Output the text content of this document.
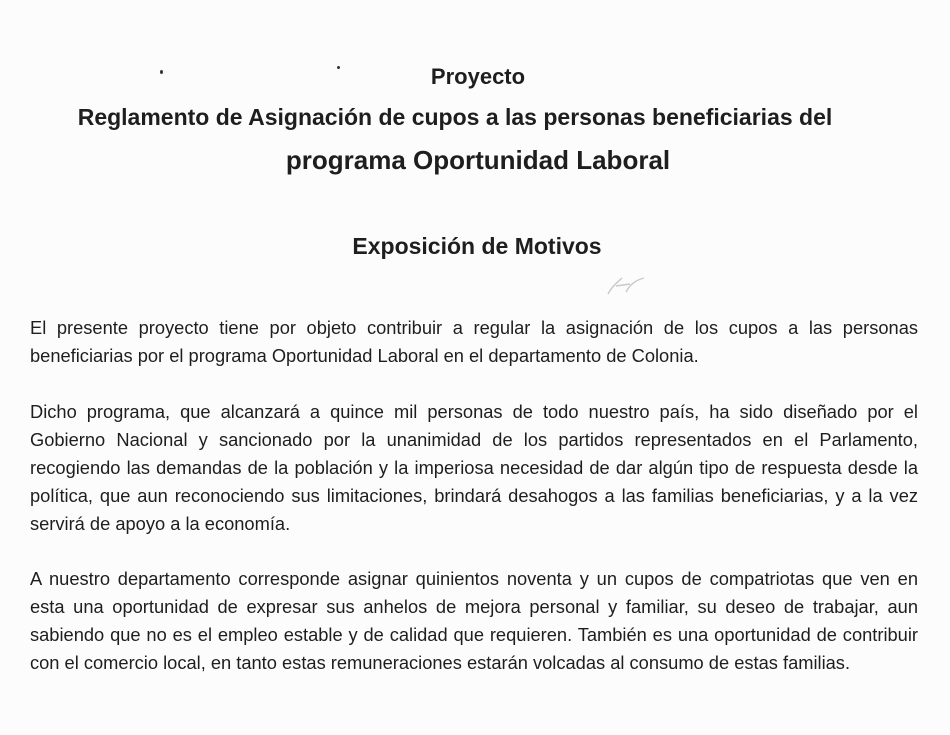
Proyecto
Reglamento de Asignación de cupos a las personas beneficiarias del
programa Oportunidad Laboral
Exposición de Motivos

El presente proyecto tiene por objeto contribuir a regular la asignación de los cupos a las personas beneficiarias por el programa Oportunidad Laboral en el departamento de Colonia.

Dicho programa, que alcanzará a quince mil personas de todo nuestro país, ha sido diseñado por el Gobierno Nacional y sancionado por la unanimidad de los partidos representados en el Parlamento, recogiendo las demandas de la población y la imperiosa necesidad de dar algún tipo de respuesta desde la política, que aun reconociendo sus limitaciones, brindará desahogos a las familias beneficiarias, y a la vez servirá de apoyo a la economía.

A nuestro departamento corresponde asignar quinientos noventa y un cupos de compatriotas que ven en esta una oportunidad de expresar sus anhelos de mejora personal y familiar, su deseo de trabajar, aun sabiendo que no es el empleo estable y de calidad que requieren. También es una oportunidad de contribuir con el comercio local, en tanto estas remuneraciones estarán volcadas al consumo de estas familias.
